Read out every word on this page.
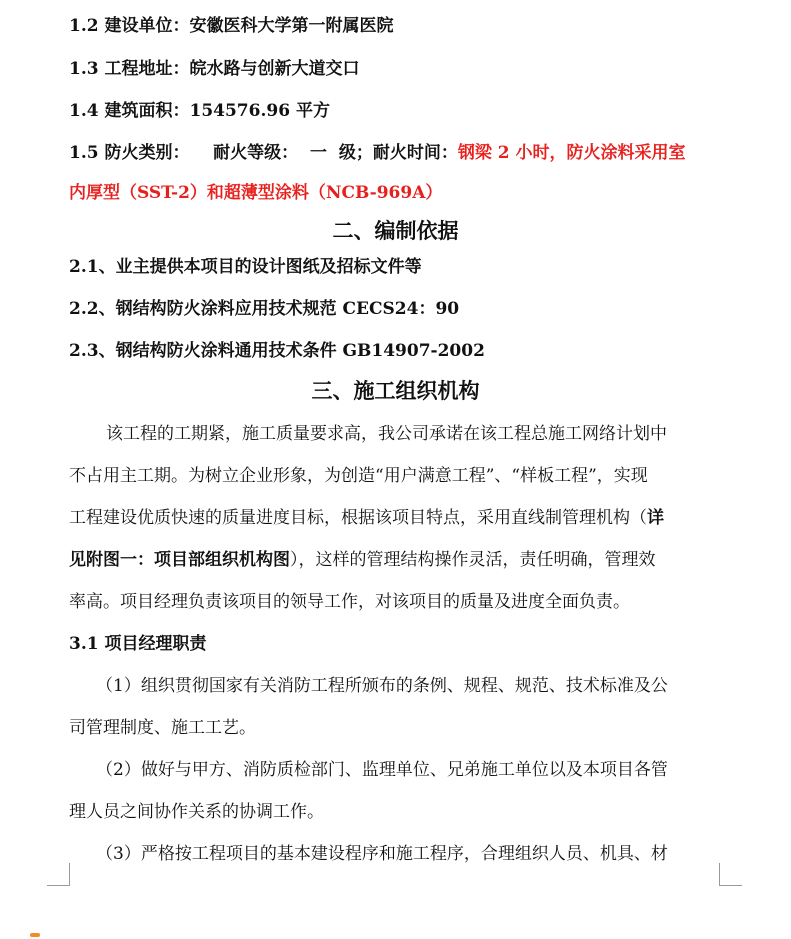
1.2 建设单位：安徽医科大学第一附属医院
1.3 工程地址：皖水路与创新大道交口
1.4 建筑面积：154576.96 平方
1.5 防火类别：    耐火等级：  一  级；耐火时间：钢梁 2 小时，防火涂料采用室
内厚型（SST-2）和超薄型涂料（NCB-969A）
二、编制依据
2.1、业主提供本项目的设计图纸及招标文件等
2.2、钢结构防火涂料应用技术规范 CECS24：90
2.3、钢结构防火涂料通用技术条件 GB14907-2002
三、施工组织机构
该工程的工期紧，施工质量要求高，我公司承诺在该工程总施工网络计划中
不占用主工期。为树立企业形象，为创造“用户满意工程”、“样板工程”，实现
工程建设优质快速的质量进度目标，根据该项目特点，采用直线制管理机构（详
见附图一：项目部组织机构图），这样的管理结构操作灵活，责任明确，管理效
率高。项目经理负责该项目的领导工作，对该项目的质量及进度全面负责。
3.1 项目经理职责
（1）组织贯彻国家有关消防工程所颁布的条例、规程、规范、技术标准及公
司管理制度、施工工艺。
（2）做好与甲方、消防质检部门、监理单位、兄弟施工单位以及本项目各管
理人员之间协作关系的协调工作。
（3）严格按工程项目的基本建设程序和施工程序，合理组织人员、机具、材
